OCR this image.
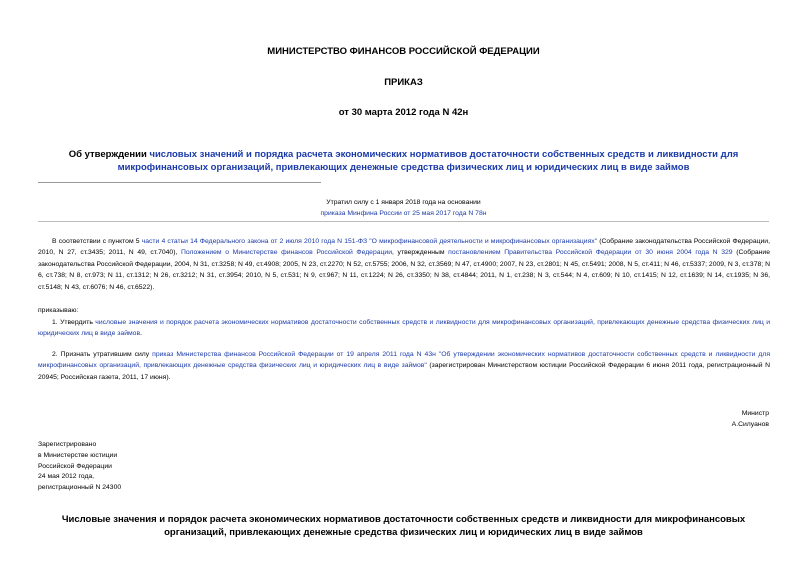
МИНИСТЕРСТВО ФИНАНСОВ РОССИЙСКОЙ ФЕДЕРАЦИИ
ПРИКАЗ
от 30 марта 2012 года N 42н
Об утверждении числовых значений и порядка расчета экономических нормативов достаточности собственных средств и ликвидности для микрофинансовых организаций, привлекающих денежные средства физических лиц и юридических лиц в виде займов
Утратил силу с 1 января 2018 года на основании
приказа Минфина России от 25 мая 2017 года N 78н
В соответствии с пунктом 5 части 4 статьи 14 Федерального закона от 2 июля 2010 года N 151-ФЗ "О микрофинансовой деятельности и микрофинансовых организациях" (Собрание законодательства Российской Федерации, 2010, N 27, ст.3435; 2011, N 49, ст.7040), Положением о Министерстве финансов Российской Федерации, утвержденным постановлением Правительства Российской Федерации от 30 июня 2004 года N 329 (Собрание законодательства Российской Федерации, 2004, N 31, ст.3258; N 49, ст.4908; 2005, N 23, ст.2270; N 52, ст.5755; 2006, N 32, ст.3569; N 47, ст.4900; 2007, N 23, ст.2801; N 45, ст.5491; 2008, N 5, ст.411; N 46, ст.5337; 2009, N 3, ст.378; N 6, ст.738; N 8, ст.973; N 11, ст.1312; N 26, ст.3212; N 31, ст.3954; 2010, N 5, ст.531; N 9, ст.967; N 11, ст.1224; N 26, ст.3350; N 38, ст.4844; 2011, N 1, ст.238; N 3, ст.544; N 4, ст.609; N 10, ст.1415; N 12, ст.1639; N 14, ст.1935; N 36, ст.5148; N 43, ст.6076; N 46, ст.6522).
приказываю:
1. Утвердить числовые значения и порядок расчета экономических нормативов достаточности собственных средств и ликвидности для микрофинансовых организаций, привлекающих денежные средства физических лиц и юридических лиц в виде займов.
2. Признать утратившим силу приказ Министерства финансов Российской Федерации от 19 апреля 2011 года N 43н "Об утверждении экономических нормативов достаточности собственных средств и ликвидности для микрофинансовых организаций, привлекающих денежные средства физических лиц и юридических лиц в виде займов" (зарегистрирован Министерством юстиции Российской Федерации 6 июня 2011 года, регистрационный N 20945; Российская газета, 2011, 17 июня).
Министр
А.Силуанов
Зарегистрировано
в Министерстве юстиции
Российской Федерации
24 мая 2012 года,
регистрационный N 24300
Числовые значения и порядок расчета экономических нормативов достаточности собственных средств и ликвидности для микрофинансовых организаций, привлекающих денежные средства физических лиц и юридических лиц в виде займов
